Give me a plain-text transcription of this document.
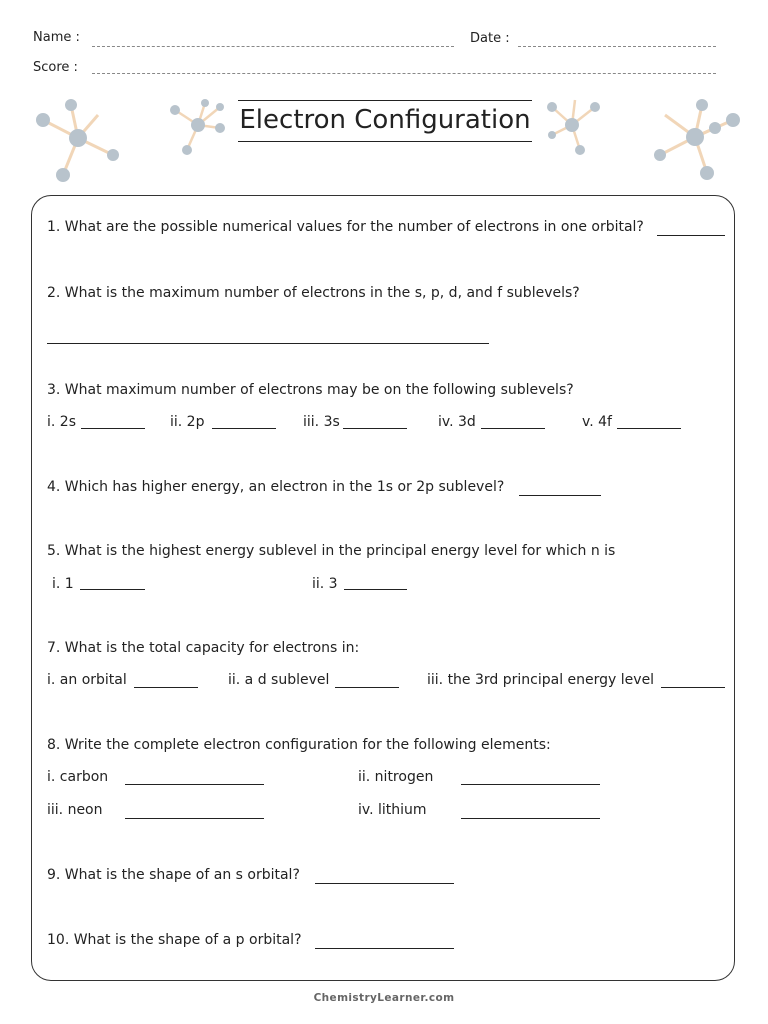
Name :	Date :
Score :
Electron Configuration
1. What are the possible numerical values for the number of electrons in one orbital?
2. What is the maximum number of electrons in the s, p, d, and f sublevels?
3. What maximum number of electrons may be on the following sublevels?
i. 2s	ii. 2p	iii. 3s	iv. 3d	v. 4f
4. Which has higher energy, an electron in the 1s or 2p sublevel?
5. What is the highest energy sublevel in the principal energy level for which n is
i. 1	ii. 3
7. What is the total capacity for electrons in:
i. an orbital	ii. a d sublevel	iii. the 3rd principal energy level
8. Write the complete electron configuration for the following elements:
i. carbon	ii. nitrogen
iii. neon	iv. lithium
9. What is the shape of an s orbital?
10. What is the shape of a p orbital?
ChemistryLearner.com
